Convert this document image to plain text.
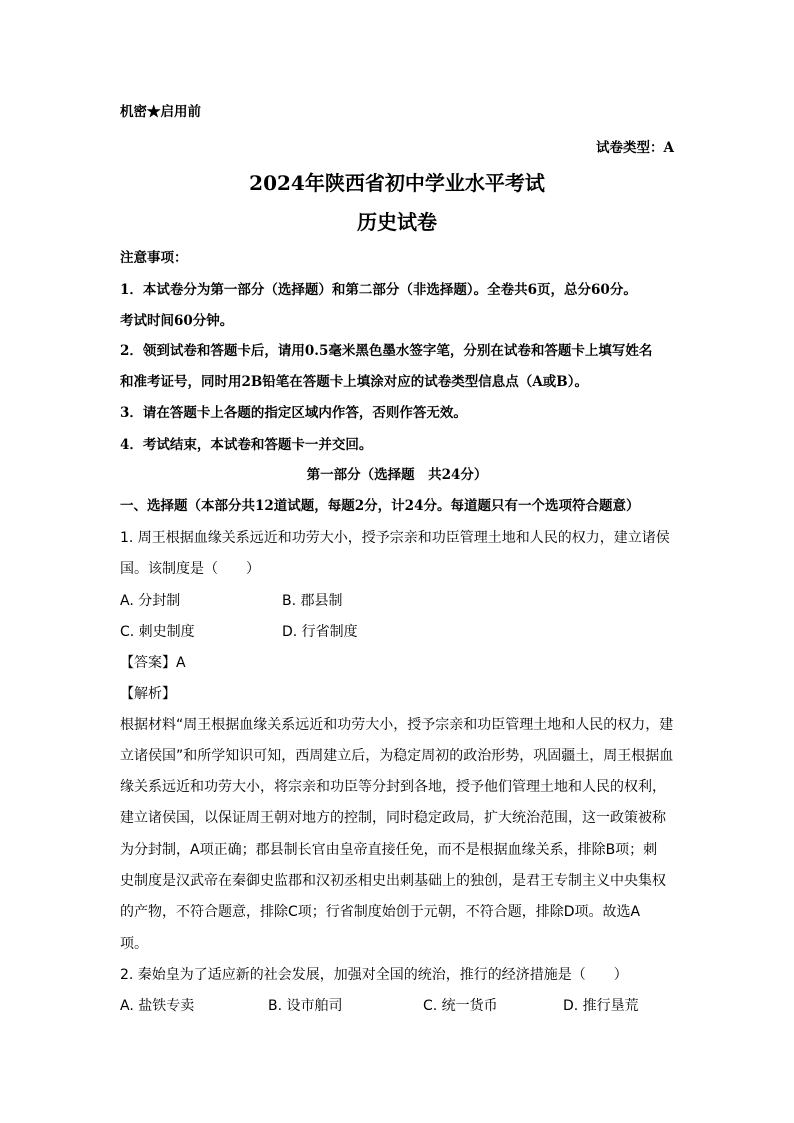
机密★启用前
试卷类型：A
2024年陕西省初中学业水平考试
历史试卷
注意事项：
1．本试卷分为第一部分（选择题）和第二部分（非选择题）。全卷共6页，总分60分。
考试时间60分钟。
2．领到试卷和答题卡后，请用0.5毫米黑色墨水签字笔，分别在试卷和答题卡上填写姓名
和准考证号，同时用2B铅笔在答题卡上填涂对应的试卷类型信息点（A或B）。
3．请在答题卡上各题的指定区域内作答，否则作答无效。
4．考试结束，本试卷和答题卡一并交回。
第一部分（选择题　共24分）
一、选择题（本部分共12道试题，每题2分，计24分。每道题只有一个选项符合题意）
1. 周王根据血缘关系远近和功劳大小，授予宗亲和功臣管理土地和人民的权力，建立诸侯
国。该制度是（　　）
A. 分封制	B. 郡县制
C. 刺史制度	D. 行省制度
【答案】A
【解析】
根据材料“周王根据血缘关系远近和功劳大小，授予宗亲和功臣管理土地和人民的权力，建
立诸侯国”和所学知识可知，西周建立后，为稳定周初的政治形势，巩固疆土，周王根据血
缘关系远近和功劳大小，将宗亲和功臣等分封到各地，授予他们管理土地和人民的权利，
建立诸侯国，以保证周王朝对地方的控制，同时稳定政局，扩大统治范围，这一政策被称
为分封制，A项正确；郡县制长官由皇帝直接任免，而不是根据血缘关系，排除B项；刺
史制度是汉武帝在秦御史监郡和汉初丞相史出刺基础上的独创，是君王专制主义中央集权
的产物，不符合题意，排除C项；行省制度始创于元朝，不符合题，排除D项。故选A
项。
2. 秦始皇为了适应新的社会发展，加强对全国的统治，推行的经济措施是（　　）
A. 盐铁专卖	B. 设市舶司	C. 统一货币	D. 推行垦荒
